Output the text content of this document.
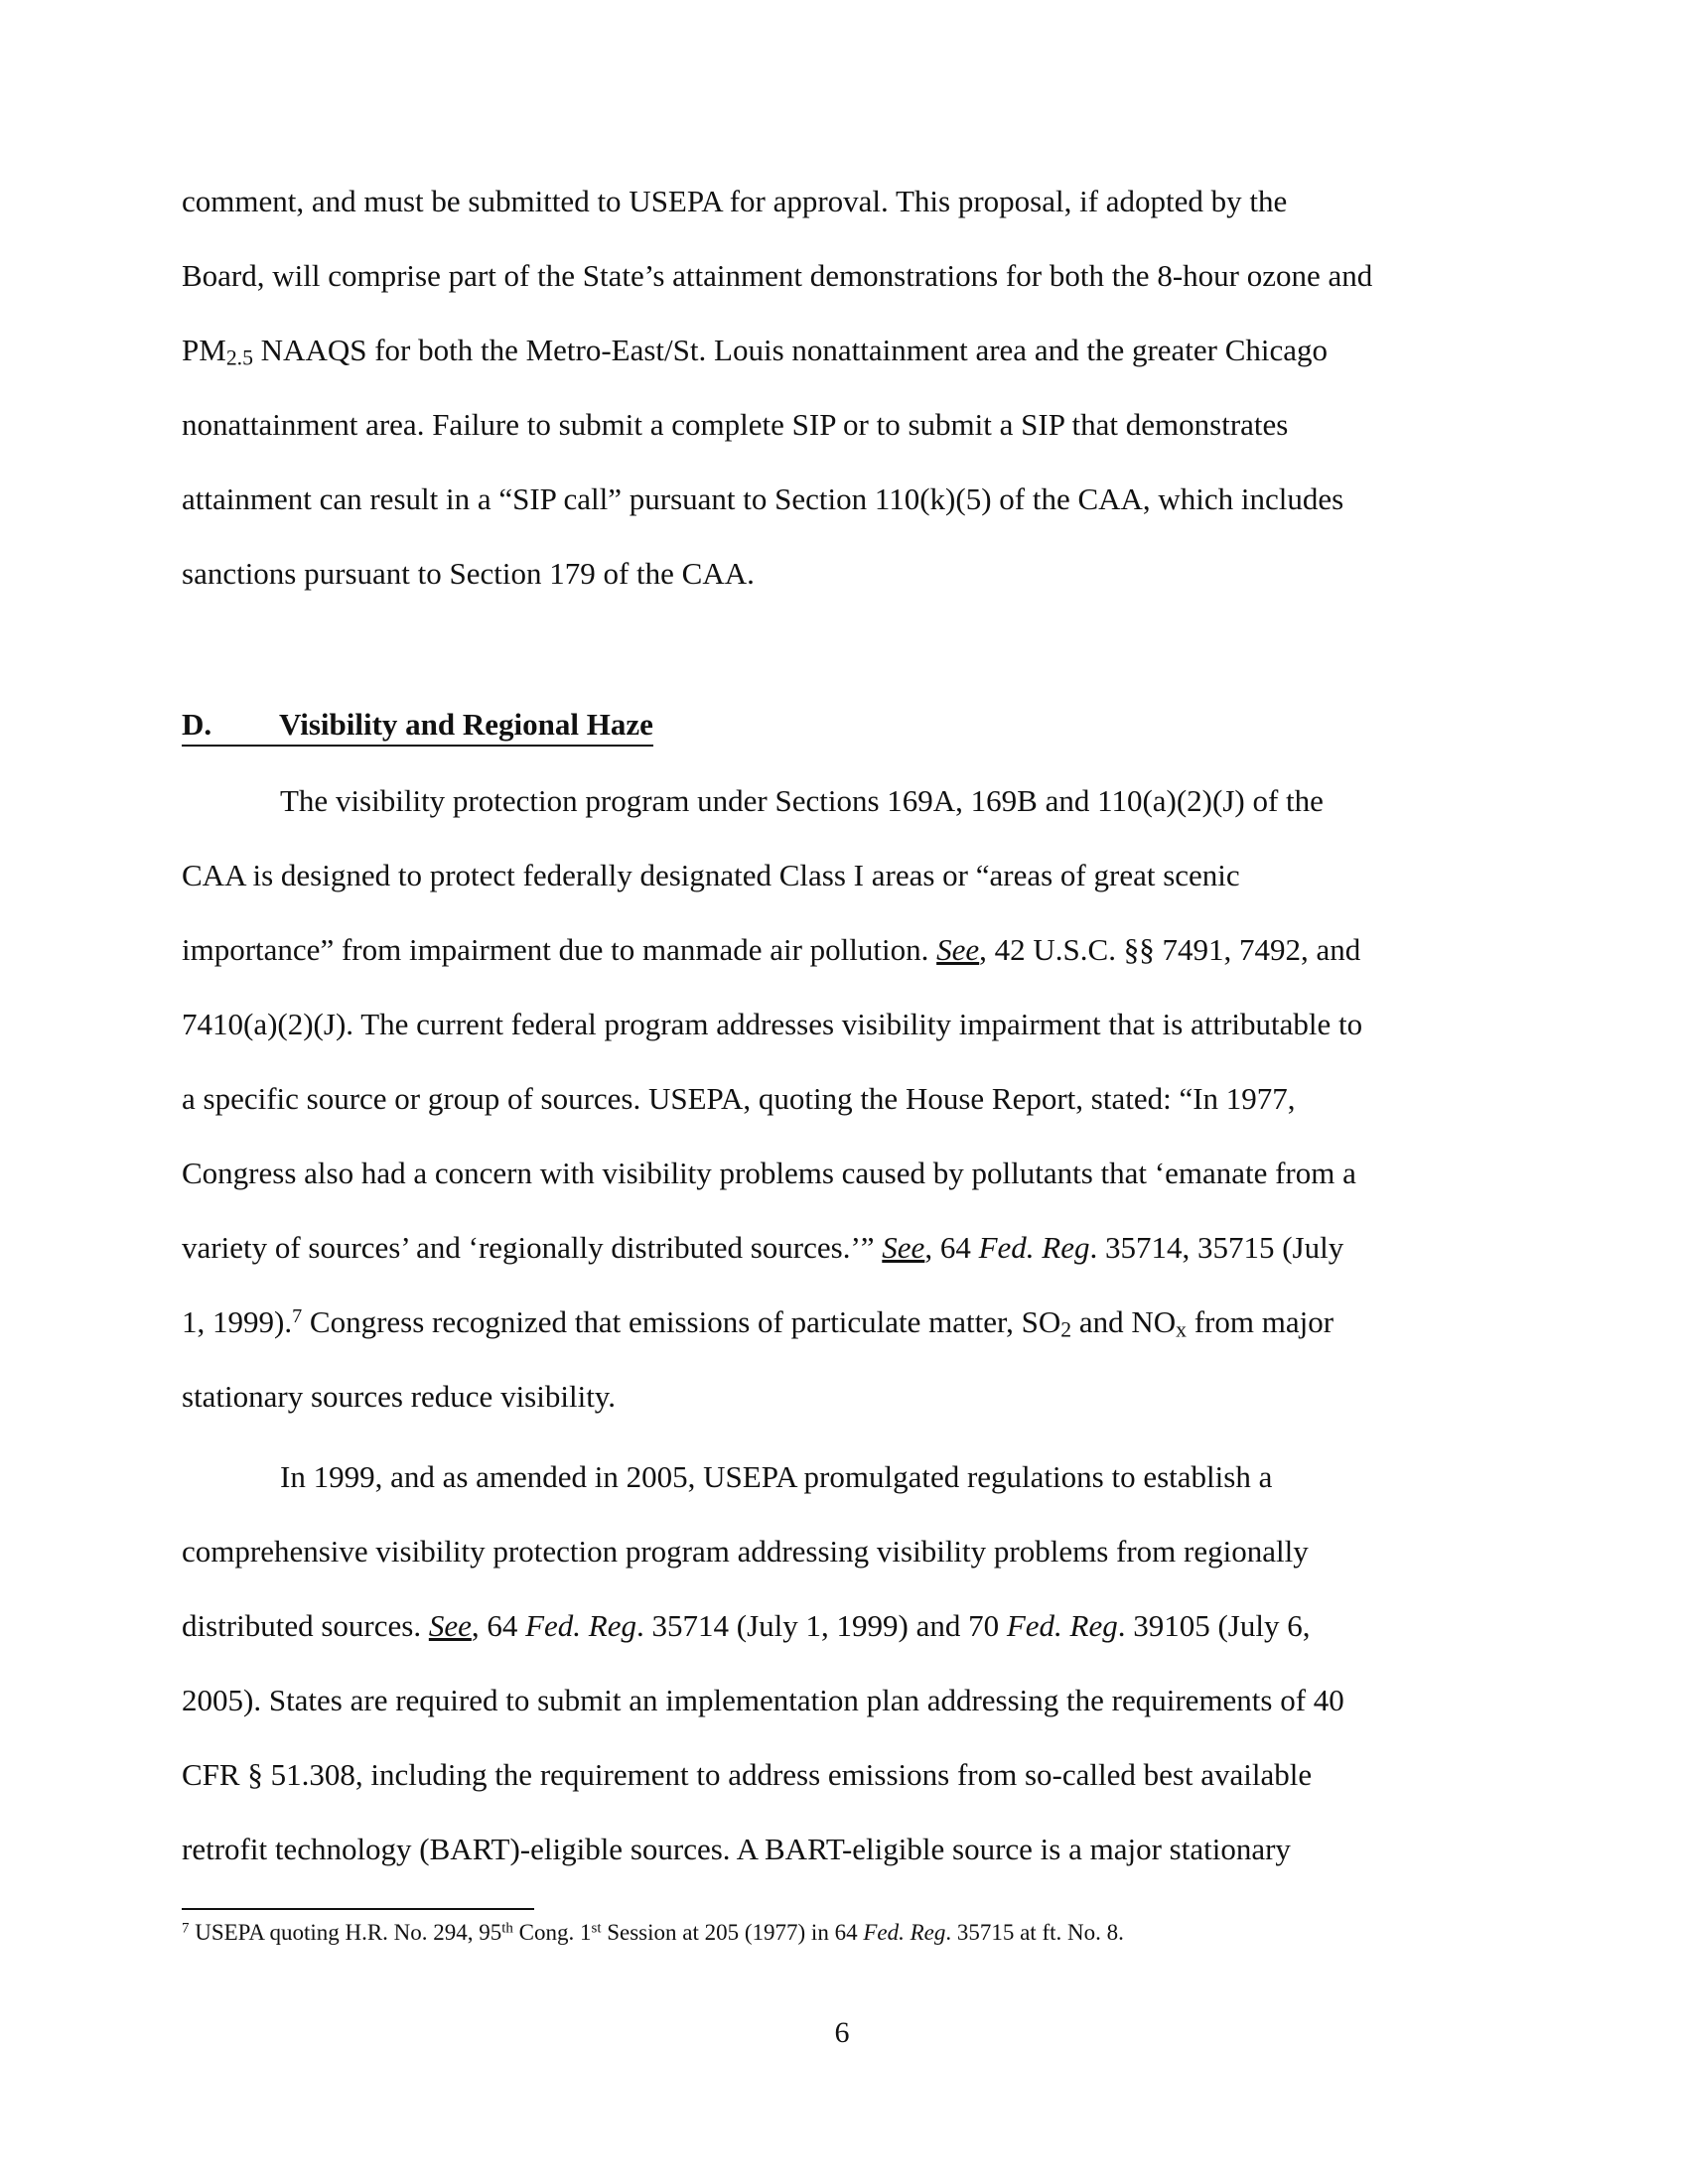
comment, and must be submitted to USEPA for approval. This proposal, if adopted by the
Board, will comprise part of the State’s attainment demonstrations for both the 8-hour ozone and
$PM_{2.5}$ NAAQS for both the Metro-East/St. Louis nonattainment area and the greater Chicago
nonattainment area. Failure to submit a complete SIP or to submit a SIP that demonstrates
attainment can result in a “SIP call” pursuant to Section 110(k)(5) of the CAA, which includes
sanctions pursuant to Section 179 of the CAA.
D. Visibility and Regional Haze
The visibility protection program under Sections 169A, 169B and 110(a)(2)(J) of the
CAA is designed to protect federally designated Class I areas or “areas of great scenic
importance” from impairment due to manmade air pollution. See, 42 U.S.C. §§ 7491, 7492, and
7410(a)(2)(J). The current federal program addresses visibility impairment that is attributable to
a specific source or group of sources. USEPA, quoting the House Report, stated: “In 1977,
Congress also had a concern with visibility problems caused by pollutants that ‘emanate from a
variety of sources’ and ‘regionally distributed sources.’” See, 64 Fed. Reg. 35714, 35715 (July
1, 1999).$^7$ Congress recognized that emissions of particulate matter, $SO_2$ and $NO_x$ from major
stationary sources reduce visibility.
In 1999, and as amended in 2005, USEPA promulgated regulations to establish a
comprehensive visibility protection program addressing visibility problems from regionally
distributed sources. See, 64 Fed. Reg. 35714 (July 1, 1999) and 70 Fed. Reg. 39105 (July 6,
2005). States are required to submit an implementation plan addressing the requirements of 40
CFR § 51.308, including the requirement to address emissions from so-called best available
retrofit technology (BART)-eligible sources. A BART-eligible source is a major stationary
$^7$ USEPA quoting H.R. No. 294, 95th Cong. 1st Session at 205 (1977) in 64 Fed. Reg. 35715 at ft. No. 8.
6
